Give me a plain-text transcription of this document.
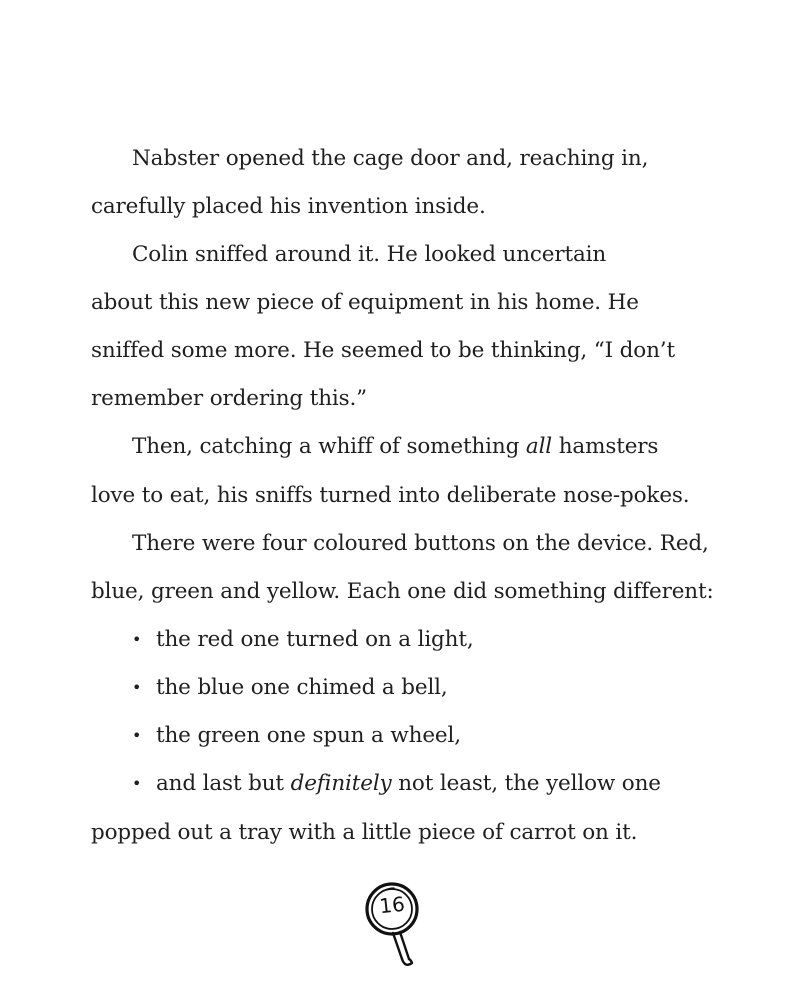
Nabster opened the cage door and, reaching in,
carefully placed his invention inside.
Colin sniffed around it. He looked uncertain
about this new piece of equipment in his home. He
sniffed some more. He seemed to be thinking, “I don’t
remember ordering this.”
Then, catching a whiff of something all hamsters
love to eat, his sniffs turned into deliberate nose-pokes.
There were four coloured buttons on the device. Red,
blue, green and yellow. Each one did something different:
• the red one turned on a light,
• the blue one chimed a bell,
• the green one spun a wheel,
• and last but definitely not least, the yellow one
popped out a tray with a little piece of carrot on it.
16
